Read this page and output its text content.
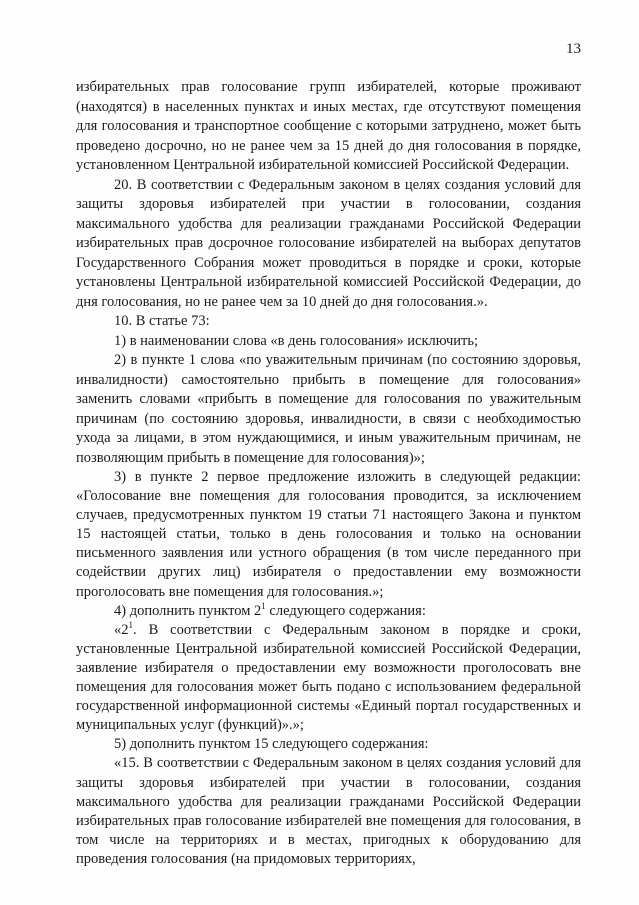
13

избирательных прав голосование групп избирателей, которые проживают (находятся) в населенных пунктах и иных местах, где отсутствуют помещения для голосования и транспортное сообщение с которыми затруднено, может быть проведено досрочно, но не ранее чем за 15 дней до дня голосования в порядке, установленном Центральной избирательной комиссией Российской Федерации.

20. В соответствии с Федеральным законом в целях создания условий для защиты здоровья избирателей при участии в голосовании, создания максимального удобства для реализации гражданами Российской Федерации избирательных прав досрочное голосование избирателей на выборах депутатов Государственного Собрания может проводиться в порядке и сроки, которые установлены Центральной избирательной комиссией Российской Федерации, до дня голосования, но не ранее чем за 10 дней до дня голосования.».

10. В статье 73:

1) в наименовании слова «в день голосования» исключить;

2) в пункте 1 слова «по уважительным причинам (по состоянию здоровья, инвалидности) самостоятельно прибыть в помещение для голосования» заменить словами «прибыть в помещение для голосования по уважительным причинам (по состоянию здоровья, инвалидности, в связи с необходимостью ухода за лицами, в этом нуждающимися, и иным уважительным причинам, не позволяющим прибыть в помещение для голосования)»;

3) в пункте 2 первое предложение изложить в следующей редакции: «Голосование вне помещения для голосования проводится, за исключением случаев, предусмотренных пунктом 19 статьи 71 настоящего Закона и пунктом 15 настоящей статьи, только в день голосования и только на основании письменного заявления или устного обращения (в том числе переданного при содействии других лиц) избирателя о предоставлении ему возможности проголосовать вне помещения для голосования.»;

4) дополнить пунктом $2^1$ следующего содержания:

«$2^1$. В соответствии с Федеральным законом в порядке и сроки, установленные Центральной избирательной комиссией Российской Федерации, заявление избирателя о предоставлении ему возможности проголосовать вне помещения для голосования может быть подано с использованием федеральной государственной информационной системы «Единый портал государственных и муниципальных услуг (функций)».»;

5) дополнить пунктом 15 следующего содержания:

«15. В соответствии с Федеральным законом в целях создания условий для защиты здоровья избирателей при участии в голосовании, создания максимального удобства для реализации гражданами Российской Федерации избирательных прав голосование избирателей вне помещения для голосования, в том числе на территориях и в местах, пригодных к оборудованию для проведения голосования (на придомовых территориях,
